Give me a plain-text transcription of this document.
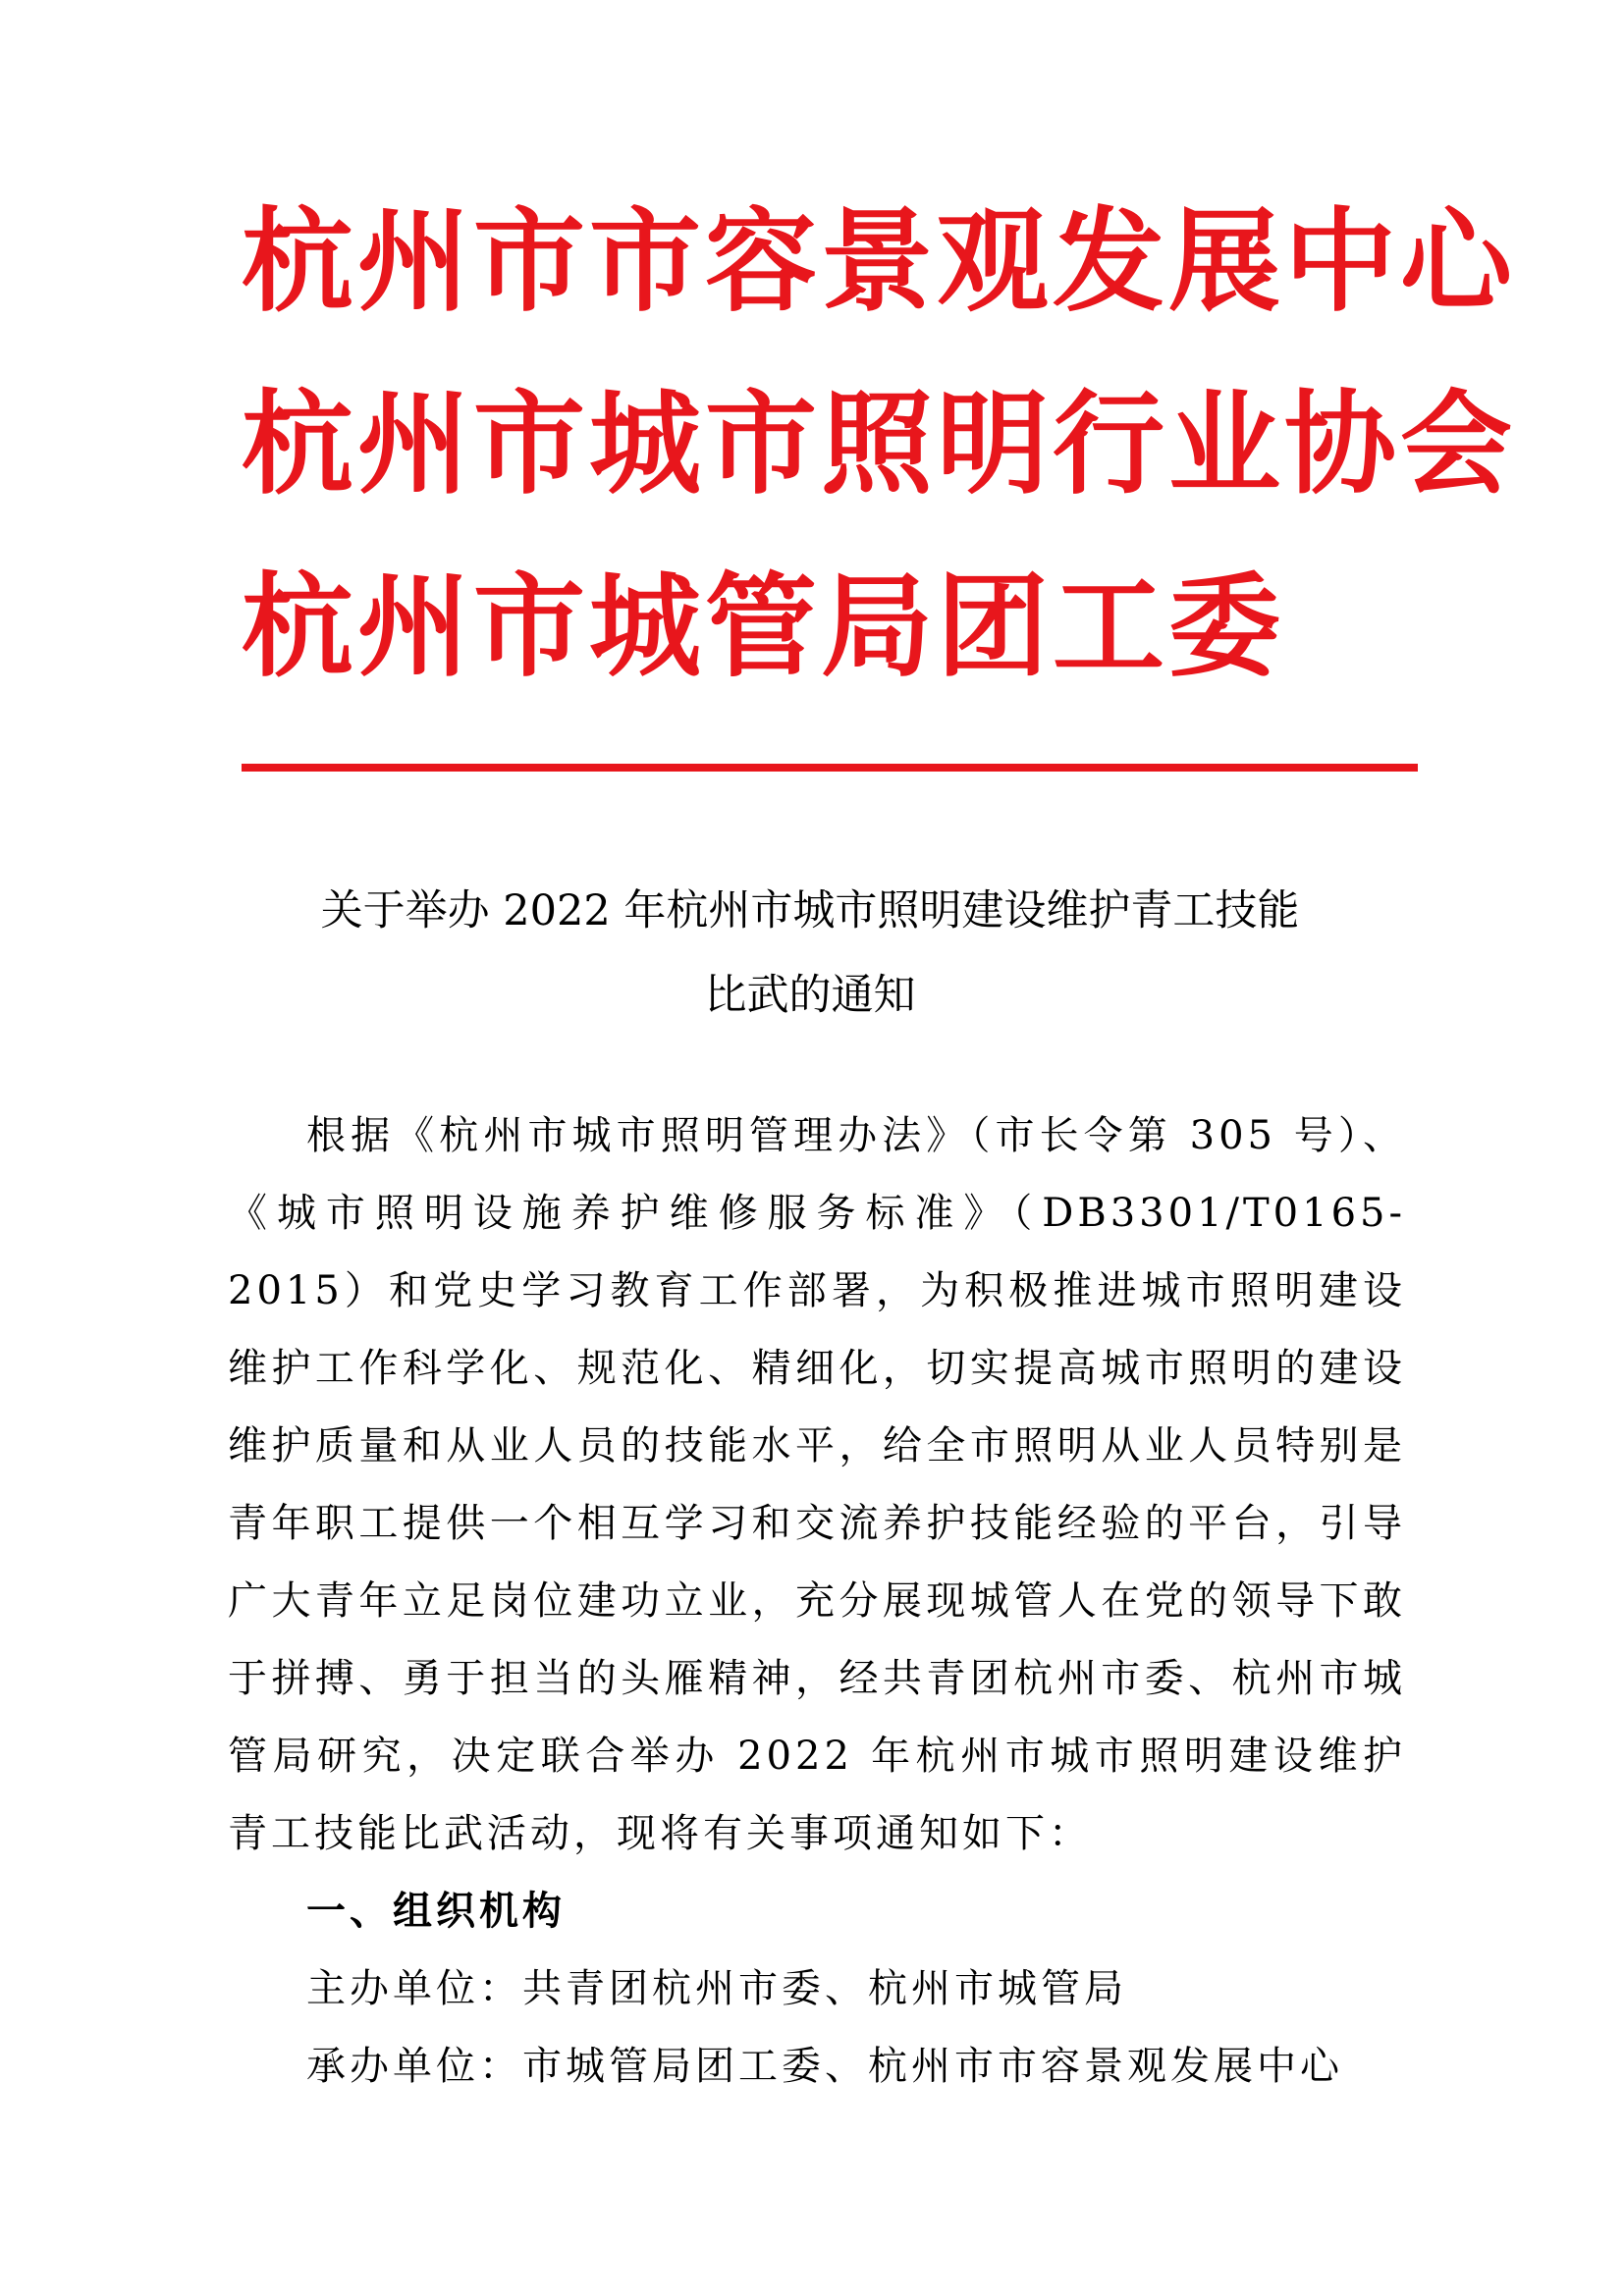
杭州市市容景观发展中心
杭州市城市照明行业协会
杭州市城管局团工委
关于举办 2022 年杭州市城市照明建设维护青工技能
比武的通知

根据《杭州市城市照明管理办法》（市长令第 305 号）、《城市照明设施养护维修服务标准》（DB3301/T0165-2015）和党史学习教育工作部署，为积极推进城市照明建设维护工作科学化、规范化、精细化，切实提高城市照明的建设维护质量和从业人员的技能水平，给全市照明从业人员特别是青年职工提供一个相互学习和交流养护技能经验的平台，引导广大青年立足岗位建功立业，充分展现城管人在党的领导下敢于拼搏、勇于担当的头雁精神，经共青团杭州市委、杭州市城管局研究，决定联合举办 2022 年杭州市城市照明建设维护青工技能比武活动，现将有关事项通知如下：

一、组织机构

主办单位：共青团杭州市委、杭州市城管局

承办单位：市城管局团工委、杭州市市容景观发展中心
